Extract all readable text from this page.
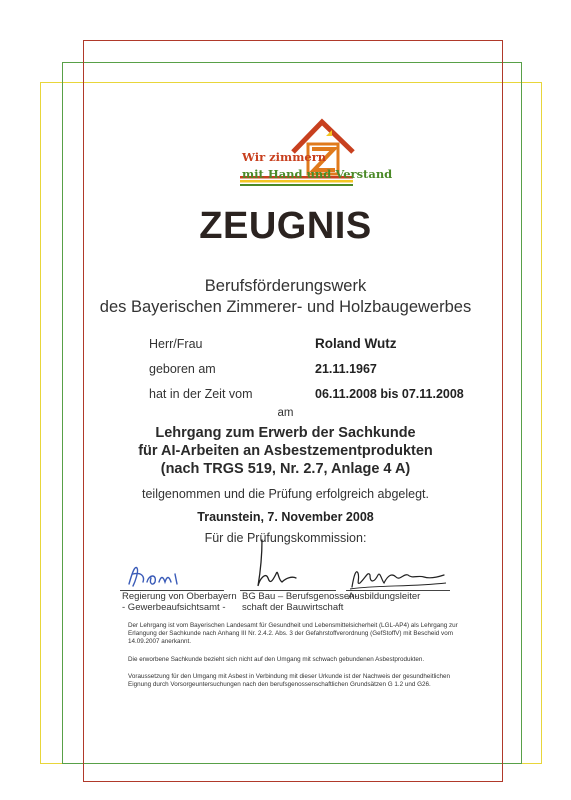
Wir zimmern
mit Hand und Verstand
ZEUGNIS
Berufsförderungswerk
des Bayerischen Zimmerer- und Holzbaugewerbes
Herr/Frau	Roland Wutz
geboren am	21.11.1967
hat in der Zeit vom	06.11.2008 bis 07.11.2008
am
Lehrgang zum Erwerb der Sachkunde
für AI-Arbeiten an Asbestzementprodukten
(nach TRGS 519, Nr. 2.7, Anlage 4 A)
teilgenommen und die Prüfung erfolgreich abgelegt.
Traunstein, 7. November 2008
Für die Prüfungskommission:
Regierung von Oberbayern
- Gewerbeaufsichtsamt -
BG Bau – Berufsgenossen-
schaft der Bauwirtschaft
Ausbildungsleiter
Der Lehrgang ist vom Bayerischen Landesamt für Gesundheit und Lebensmittelsicherheit (LGL-AP4) als Lehrgang zur Erlangung der Sachkunde nach Anhang III Nr. 2.4.2. Abs. 3 der Gefahrstoffverordnung (GefStoffV) mit Bescheid vom 14.09.2007 anerkannt.
Die erworbene Sachkunde bezieht sich nicht auf den Umgang mit schwach gebundenen Asbestprodukten.
Voraussetzung für den Umgang mit Asbest in Verbindung mit dieser Urkunde ist der Nachweis der gesundheitlichen Eignung durch Vorsorgeuntersuchungen nach den berufsgenossenschaftlichen Grundsätzen G 1.2 und G26.
